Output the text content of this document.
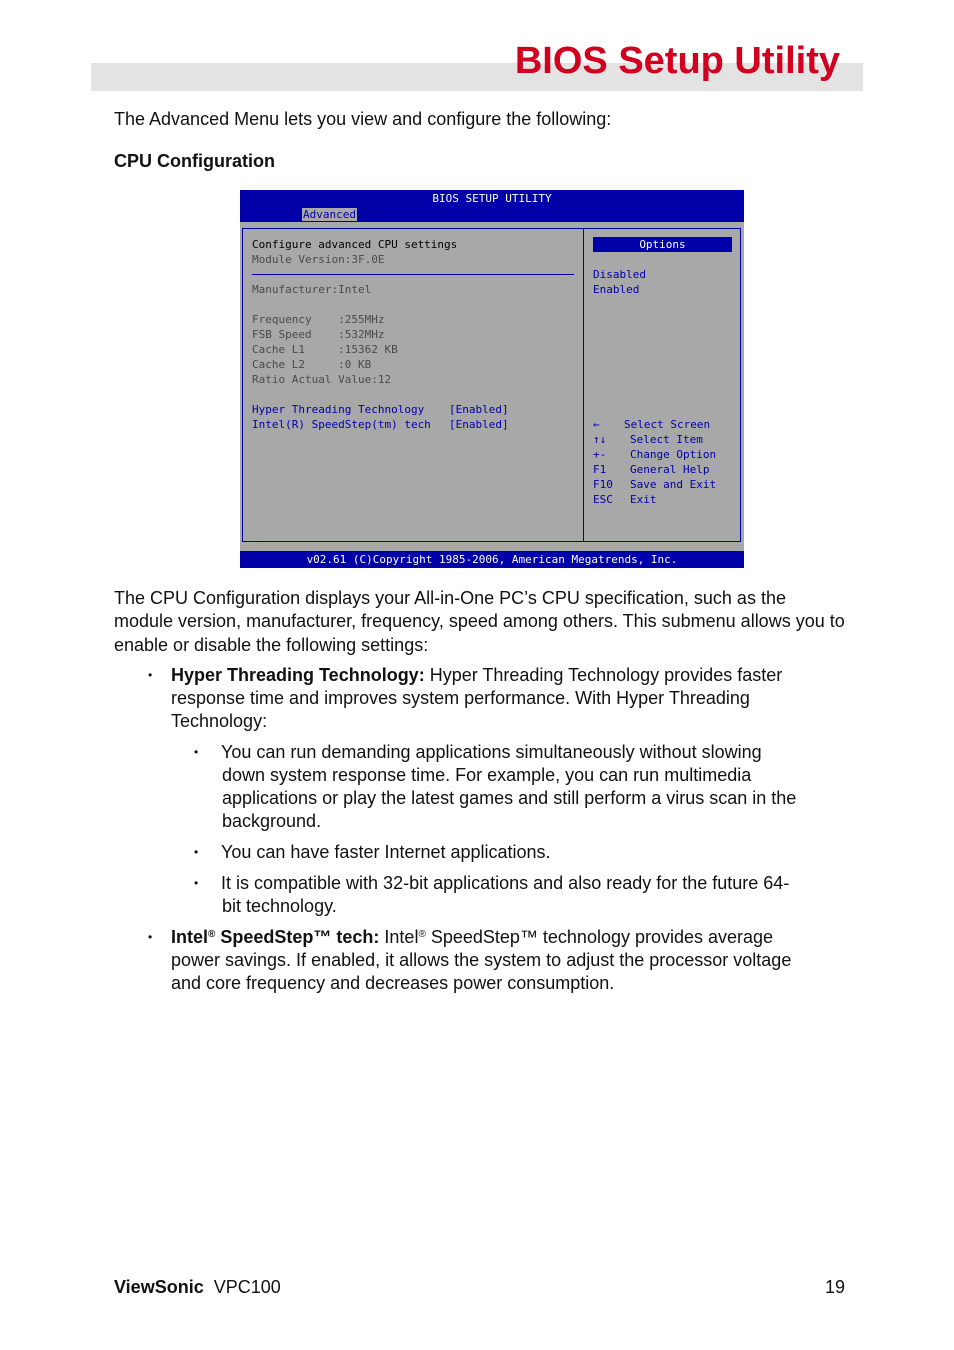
BIOS Setup Utility
The Advanced Menu lets you view and configure the following:
CPU Configuration
BIOS SETUP UTILITY
Advanced
Configure advanced CPU settings
Module Version:3F.0E
Manufacturer:Intel
Frequency    :255MHz
FSB Speed    :532MHz
Cache L1     :15362 KB
Cache L2     :0 KB
Ratio Actual Value:12
Hyper Threading Technology [Enabled]
Intel(R) SpeedStep(tm) tech [Enabled]
Options
Disabled
Enabled
← Select Screen
↑↓ Select Item
+- Change Option
F1 General Help
F10 Save and Exit
ESC Exit
v02.61 (C)Copyright 1985-2006, American Megatrends, Inc.

The CPU Configuration displays your All-in-One PC’s CPU specification, such as the module version, manufacturer, frequency, speed among others. This submenu allows you to enable or disable the following settings:

• Hyper Threading Technology: Hyper Threading Technology provides faster
response time and improves system performance. With Hyper Threading
Technology:
• You can run demanding applications simultaneously without slowing
down system response time. For example, you can run multimedia
applications or play the latest games and still perform a virus scan in the
background.
• You can have faster Internet applications.
• It is compatible with 32-bit applications and also ready for the future 64-
bit technology.
• Intel® SpeedStep™ tech: Intel® SpeedStep™ technology provides average
power savings. If enabled, it allows the system to adjust the processor voltage
and core frequency and decreases power consumption.
ViewSonic VPC100	19
